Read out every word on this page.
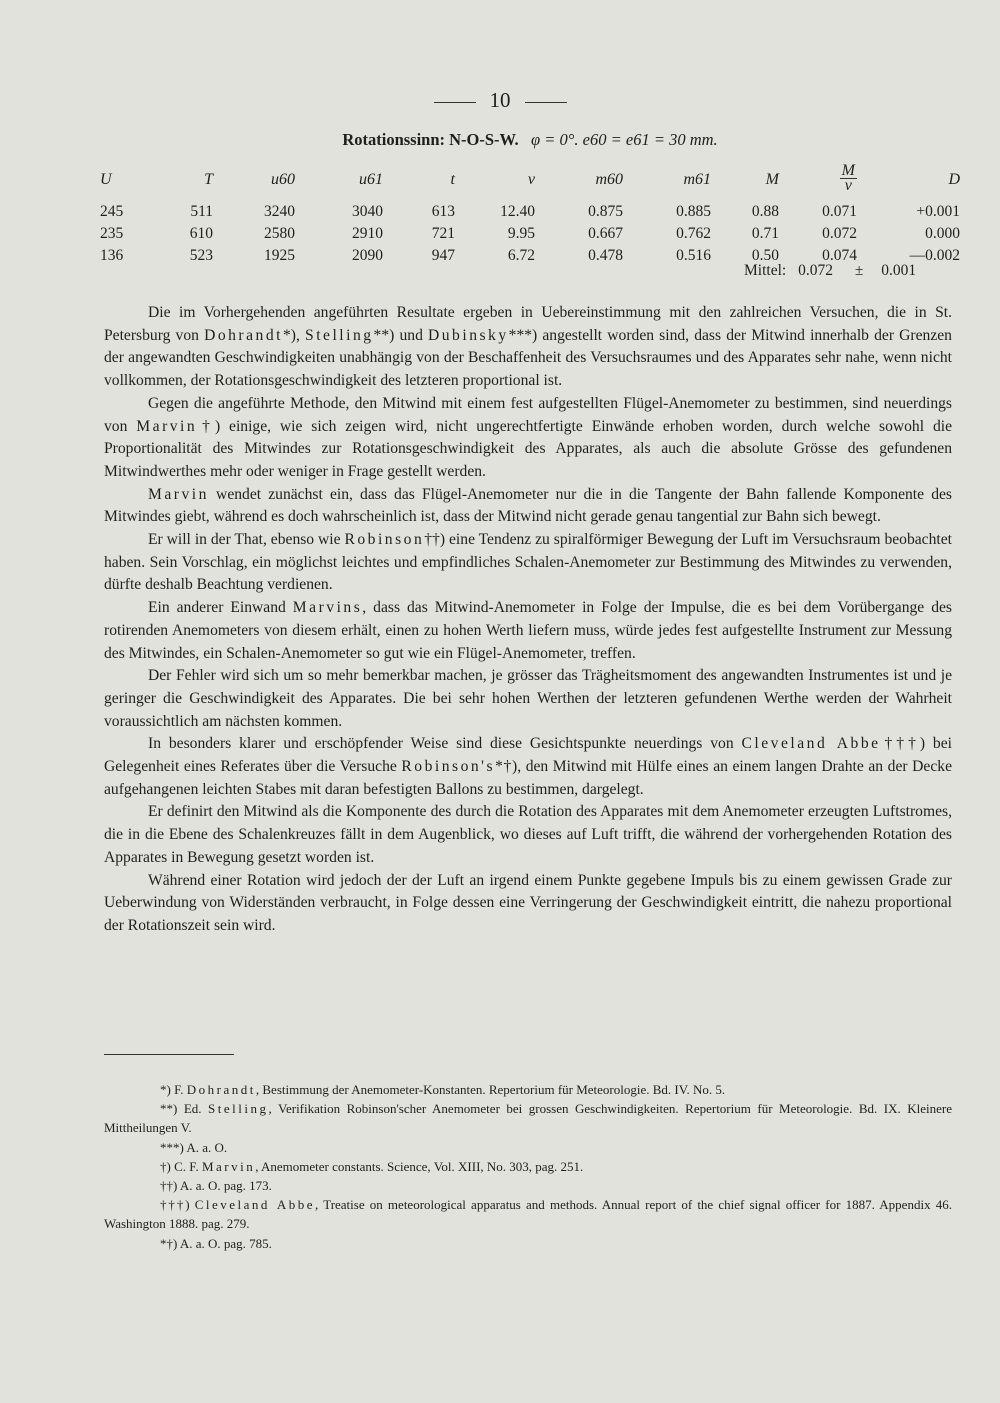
10
Rotationssinn: N-O-S-W. φ = 0°. e60 = e61 = 30 mm.
U	T	u60	u61	t	v	m60	m61	M	$\frac{M}{v}$	D
245	511	3240	3040	613	12.40	0.875	0.885	0.88	0.071	+0.001
235	610	2580	2910	721	9.95	0.667	0.762	0.71	0.072	0.000
136	523	1925	2090	947	6.72	0.478	0.516	0.50	0.074	—0.002
Mittel: 0.072 ± 0.001

Die im Vorhergehenden angeführten Resultate ergeben in Uebereinstimmung mit den zahlreichen Versuchen, die in St. Petersburg von Dohrandt*), Stelling**) und Dubinsky***) angestellt worden sind, dass der Mitwind innerhalb der Grenzen der angewandten Geschwindigkeiten unabhängig von der Beschaffenheit des Versuchsraumes und des Apparates sehr nahe, wenn nicht vollkommen, der Rotationsgeschwindigkeit des letzteren proportional ist.

Gegen die angeführte Methode, den Mitwind mit einem fest aufgestellten Flügel-Anemometer zu bestimmen, sind neuerdings von Marvin†) einige, wie sich zeigen wird, nicht ungerechtfertigte Einwände erhoben worden, durch welche sowohl die Proportionalität des Mitwindes zur Rotationsgeschwindigkeit des Apparates, als auch die absolute Grösse des gefundenen Mitwindwerthes mehr oder weniger in Frage gestellt werden.

Marvin wendet zunächst ein, dass das Flügel-Anemometer nur die in die Tangente der Bahn fallende Komponente des Mitwindes giebt, während es doch wahrscheinlich ist, dass der Mitwind nicht gerade genau tangential zur Bahn sich bewegt.

Er will in der That, ebenso wie Robinson††) eine Tendenz zu spiralförmiger Bewegung der Luft im Versuchsraum beobachtet haben. Sein Vorschlag, ein möglichst leichtes und empfindliches Schalen-Anemometer zur Bestimmung des Mitwindes zu verwenden, dürfte deshalb Beachtung verdienen.

Ein anderer Einwand Marvins, dass das Mitwind-Anemometer in Folge der Impulse, die es bei dem Vorübergange des rotirenden Anemometers von diesem erhält, einen zu hohen Werth liefern muss, würde jedes fest aufgestellte Instrument zur Messung des Mitwindes, ein Schalen-Anemometer so gut wie ein Flügel-Anemometer, treffen.

Der Fehler wird sich um so mehr bemerkbar machen, je grösser das Trägheitsmoment des angewandten Instrumentes ist und je geringer die Geschwindigkeit des Apparates. Die bei sehr hohen Werthen der letzteren gefundenen Werthe werden der Wahrheit voraussichtlich am nächsten kommen.

In besonders klarer und erschöpfender Weise sind diese Gesichtspunkte neuerdings von Cleveland Abbe†††) bei Gelegenheit eines Referates über die Versuche Robinson's*†), den Mitwind mit Hülfe eines an einem langen Drahte an der Decke aufgehangenen leichten Stabes mit daran befestigten Ballons zu bestimmen, dargelegt.

Er definirt den Mitwind als die Komponente des durch die Rotation des Apparates mit dem Anemometer erzeugten Luftstromes, die in die Ebene des Schalenkreuzes fällt in dem Augenblick, wo dieses auf Luft trifft, die während der vorhergehenden Rotation des Apparates in Bewegung gesetzt worden ist.

Während einer Rotation wird jedoch der der Luft an irgend einem Punkte gegebene Impuls bis zu einem gewissen Grade zur Ueberwindung von Widerständen verbraucht, in Folge dessen eine Verringerung der Geschwindigkeit eintritt, die nahezu proportional der Rotationszeit sein wird.

*) F. Dohrandt, Bestimmung der Anemometer-Konstanten. Repertorium für Meteorologie. Bd. IV. No. 5.

**) Ed. Stelling, Verifikation Robinson'scher Anemometer bei grossen Geschwindigkeiten. Repertorium für Meteorologie. Bd. IX. Kleinere Mittheilungen V.

***) A. a. O.

†) C. F. Marvin, Anemometer constants. Science, Vol. XIII, No. 303, pag. 251.

††) A. a. O. pag. 173.

†††) Cleveland Abbe, Treatise on meteorological apparatus and methods. Annual report of the chief signal officer for 1887. Appendix 46. Washington 1888. pag. 279.

*†) A. a. O. pag. 785.
